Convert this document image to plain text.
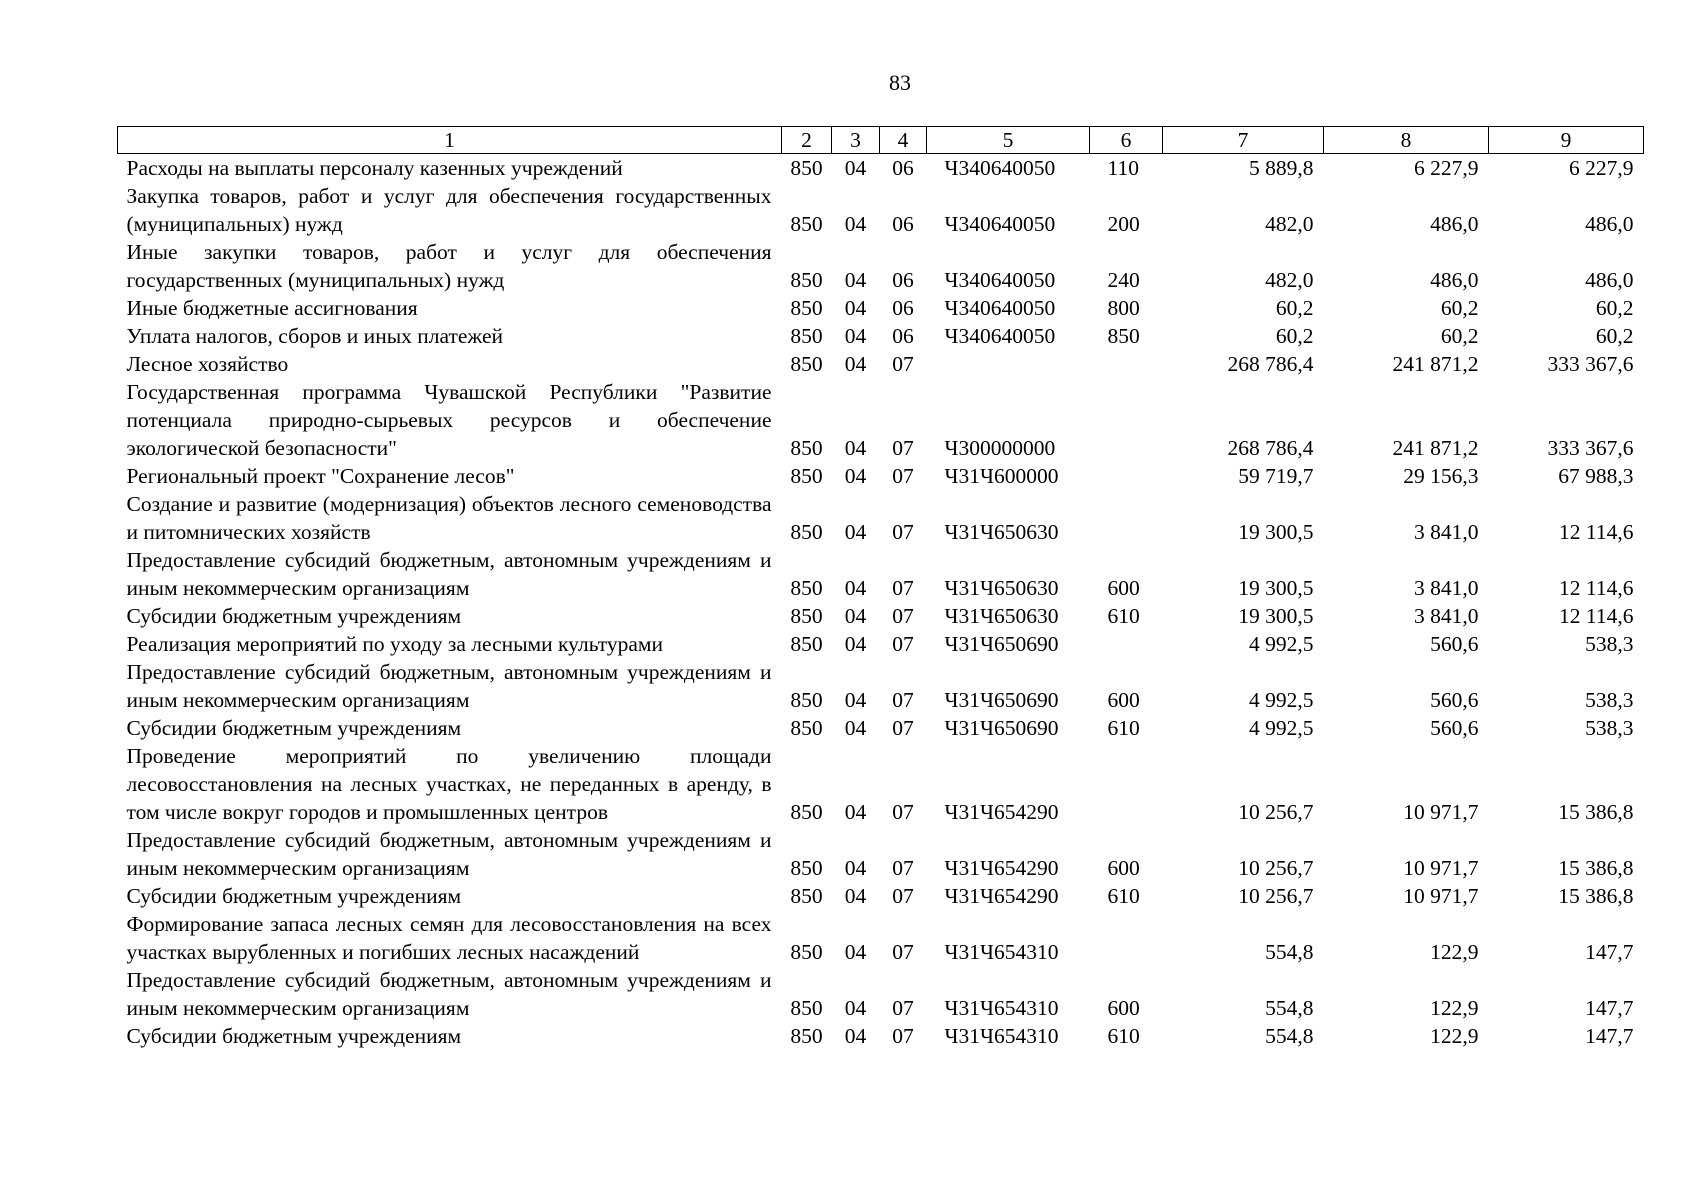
83
1	2	3	4	5	6	7	8	9
Расходы на выплаты персоналу казенных учреждений	850	04	06	Ч340640050	110	5 889,8	6 227,9	6 227,9
Закупка товаров, работ и услуг для обеспечения государственных (муниципальных) нужд	850	04	06	Ч340640050	200	482,0	486,0	486,0
Иные закупки товаров, работ и услуг для обеспечения государственных (муниципальных) нужд	850	04	06	Ч340640050	240	482,0	486,0	486,0
Иные бюджетные ассигнования	850	04	06	Ч340640050	800	60,2	60,2	60,2
Уплата налогов, сборов и иных платежей	850	04	06	Ч340640050	850	60,2	60,2	60,2
Лесное хозяйство	850	04	07			268 786,4	241 871,2	333 367,6
Государственная программа Чувашской Республики "Развитие потенциала природно-сырьевых ресурсов и обеспечение экологической безопасности"	850	04	07	Ч300000000		268 786,4	241 871,2	333 367,6
Региональный проект "Сохранение лесов"	850	04	07	Ч31Ч600000		59 719,7	29 156,3	67 988,3
Создание и развитие (модернизация) объектов лесного семеноводства и питомнических хозяйств	850	04	07	Ч31Ч650630		19 300,5	3 841,0	12 114,6
Предоставление субсидий бюджетным, автономным учреждениям и иным некоммерческим организациям	850	04	07	Ч31Ч650630	600	19 300,5	3 841,0	12 114,6
Субсидии бюджетным учреждениям	850	04	07	Ч31Ч650630	610	19 300,5	3 841,0	12 114,6
Реализация мероприятий по уходу за лесными культурами	850	04	07	Ч31Ч650690		4 992,5	560,6	538,3
Предоставление субсидий бюджетным, автономным учреждениям и иным некоммерческим организациям	850	04	07	Ч31Ч650690	600	4 992,5	560,6	538,3
Субсидии бюджетным учреждениям	850	04	07	Ч31Ч650690	610	4 992,5	560,6	538,3
Проведение мероприятий по увеличению площади лесовосстановления на лесных участках, не переданных в аренду, в том числе вокруг городов и промышленных центров	850	04	07	Ч31Ч654290		10 256,7	10 971,7	15 386,8
Предоставление субсидий бюджетным, автономным учреждениям и иным некоммерческим организациям	850	04	07	Ч31Ч654290	600	10 256,7	10 971,7	15 386,8
Субсидии бюджетным учреждениям	850	04	07	Ч31Ч654290	610	10 256,7	10 971,7	15 386,8
Формирование запаса лесных семян для лесовосстановления на всех участках вырубленных и погибших лесных насаждений	850	04	07	Ч31Ч654310		554,8	122,9	147,7
Предоставление субсидий бюджетным, автономным учреждениям и иным некоммерческим организациям	850	04	07	Ч31Ч654310	600	554,8	122,9	147,7
Субсидии бюджетным учреждениям	850	04	07	Ч31Ч654310	610	554,8	122,9	147,7
